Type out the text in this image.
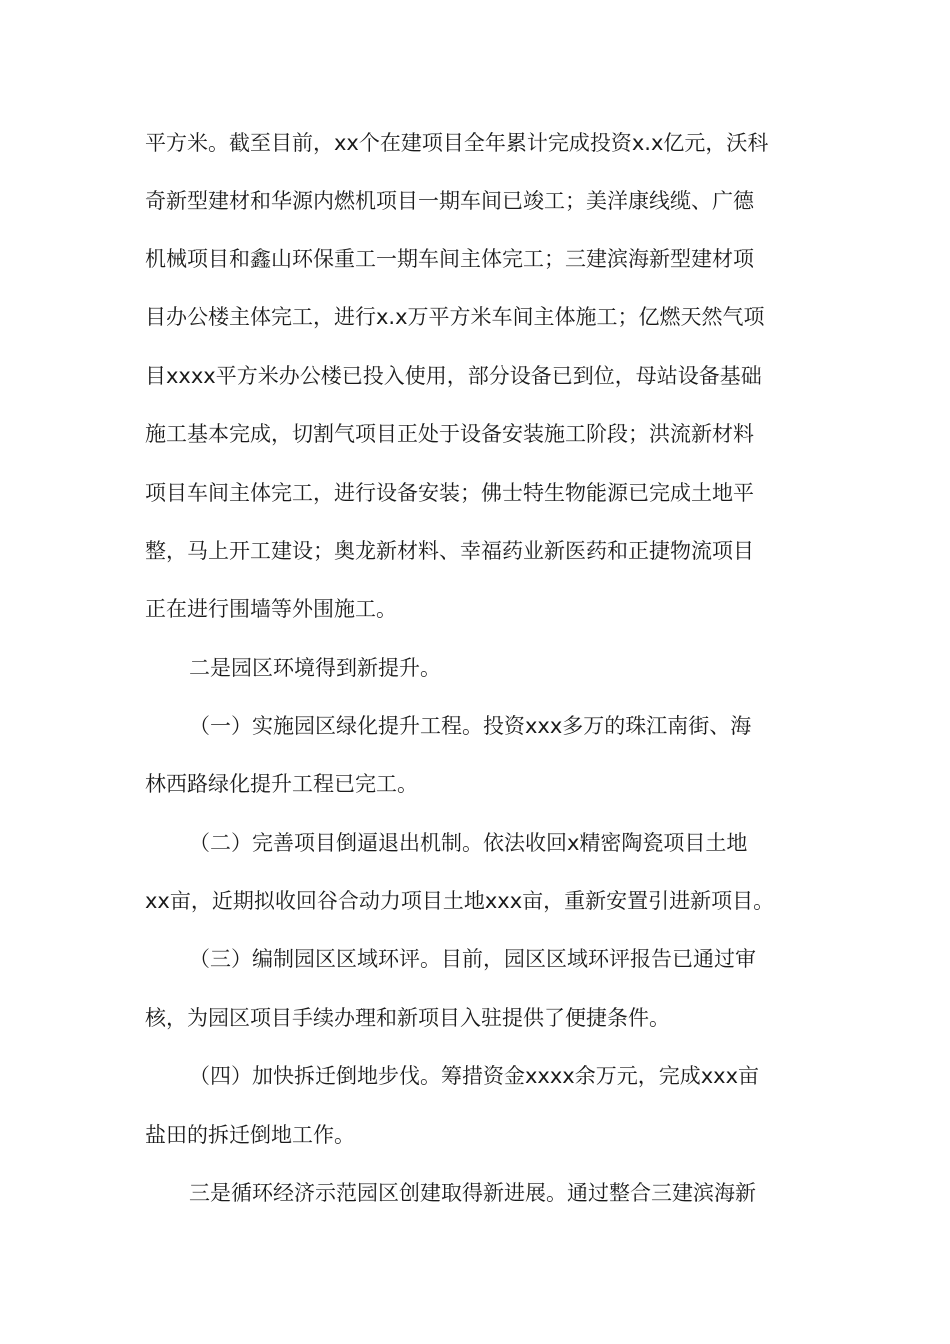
平方米。截至目前，xx个在建项目全年累计完成投资x.x亿元，沃科
奇新型建材和华源内燃机项目一期车间已竣工；美洋康线缆、广德
机械项目和鑫山环保重工一期车间主体完工；三建滨海新型建材项
目办公楼主体完工，进行x.x万平方米车间主体施工；亿燃天然气项
目xxxx平方米办公楼已投入使用，部分设备已到位，母站设备基础
施工基本完成，切割气项目正处于设备安装施工阶段；洪流新材料
项目车间主体完工，进行设备安装；佛士特生物能源已完成土地平
整，马上开工建设；奥龙新材料、幸福药业新医药和正捷物流项目
正在进行围墙等外围施工。
二是园区环境得到新提升。
（一）实施园区绿化提升工程。投资xxx多万的珠江南街、海
林西路绿化提升工程已完工。
（二）完善项目倒逼退出机制。依法收回x精密陶瓷项目土地
xx亩，近期拟收回谷合动力项目土地xxx亩，重新安置引进新项目。
（三）编制园区区域环评。目前，园区区域环评报告已通过审
核，为园区项目手续办理和新项目入驻提供了便捷条件。
（四）加快拆迁倒地步伐。筹措资金xxxx余万元，完成xxx亩
盐田的拆迁倒地工作。
三是循环经济示范园区创建取得新进展。通过整合三建滨海新
